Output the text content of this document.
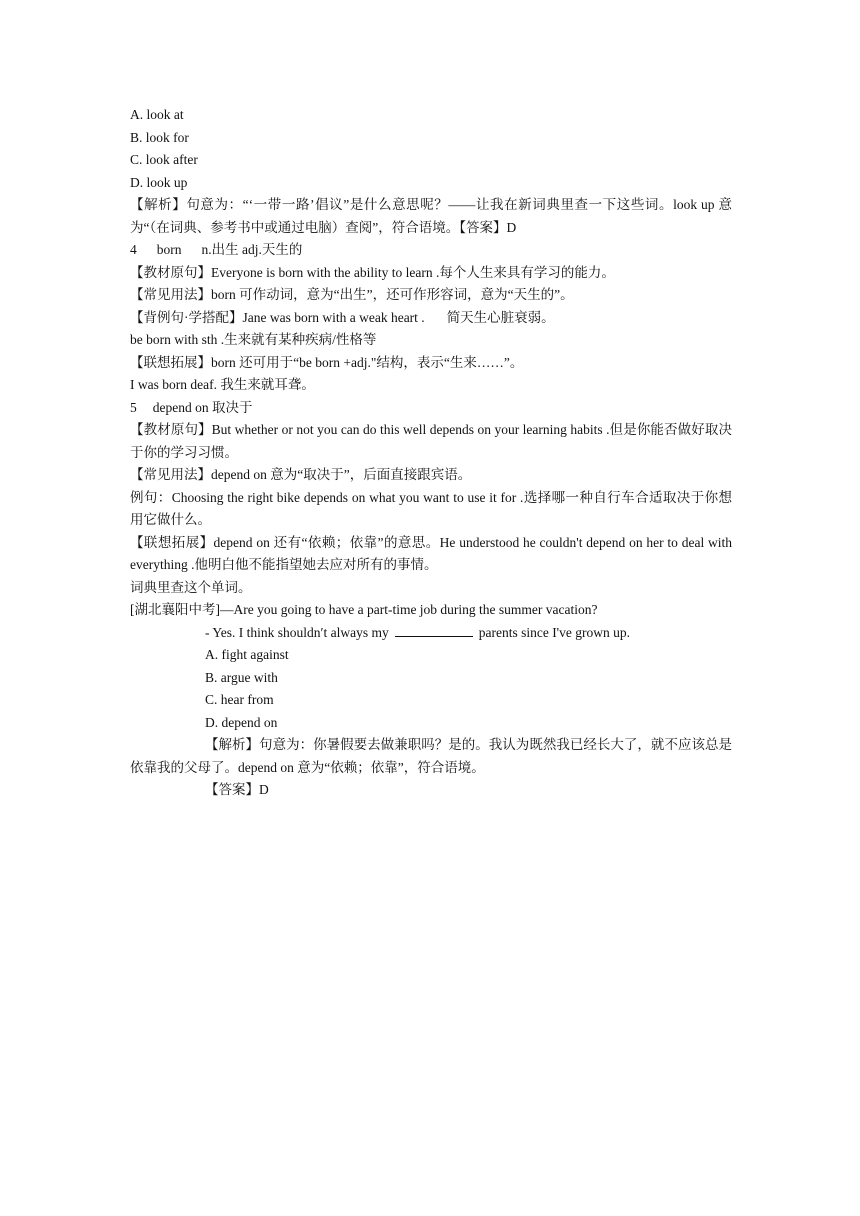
A. look at
B. look for
C. look after
D. look up
【解析】句意为：“‘一带一路’倡议”是什么意思呢？——让我在新词典里查一下这些词。look up 意为“（在词典、参考书中或通过电脑）查阅”，符合语境。【答案】D
4 born n.出生 adj.天生的
【教材原句】Everyone is born with the ability to learn .每个人生来具有学习的能力。
【常见用法】born 可作动词，意为“出生”，还可作形容词，意为“天生的”。
【背例句·学搭配】Jane was born with a weak heart . 简天生心脏衰弱。
be born with sth .生来就有某种疾病/性格等
【联想拓展】born 还可用于“be born +adj."结构，表示“生来……”。
I was born deaf. 我生来就耳聋。
5 depend on 取决于
【教材原句】But whether or not you can do this well depends on your learning habits .但是你能否做好取决于你的学习习惯。
【常见用法】depend on 意为“取决于”，后面直接跟宾语。
例句：Choosing the right bike depends on what you want to use it for .选择哪一种自行车合适取决于你想用它做什么。
【联想拓展】depend on 还有“依赖；依靠”的意思。He understood he couldn't depend on her to deal with everything .他明白他不能指望她去应对所有的事情。
词典里查这个单词。
[湖北襄阳中考]—Are you going to have a part-time job during the summer vacation?
- Yes. I think shouldn′t always my	parents since I've grown up.
A. fight against
B. argue with
C. hear from
D. depend on
【解析】句意为：你暑假要去做兼职吗？是的。我认为既然我已经长大了，就不应该总是依靠我的父母了。depend on 意为“依赖；依靠”，符合语境。
【答案】D
